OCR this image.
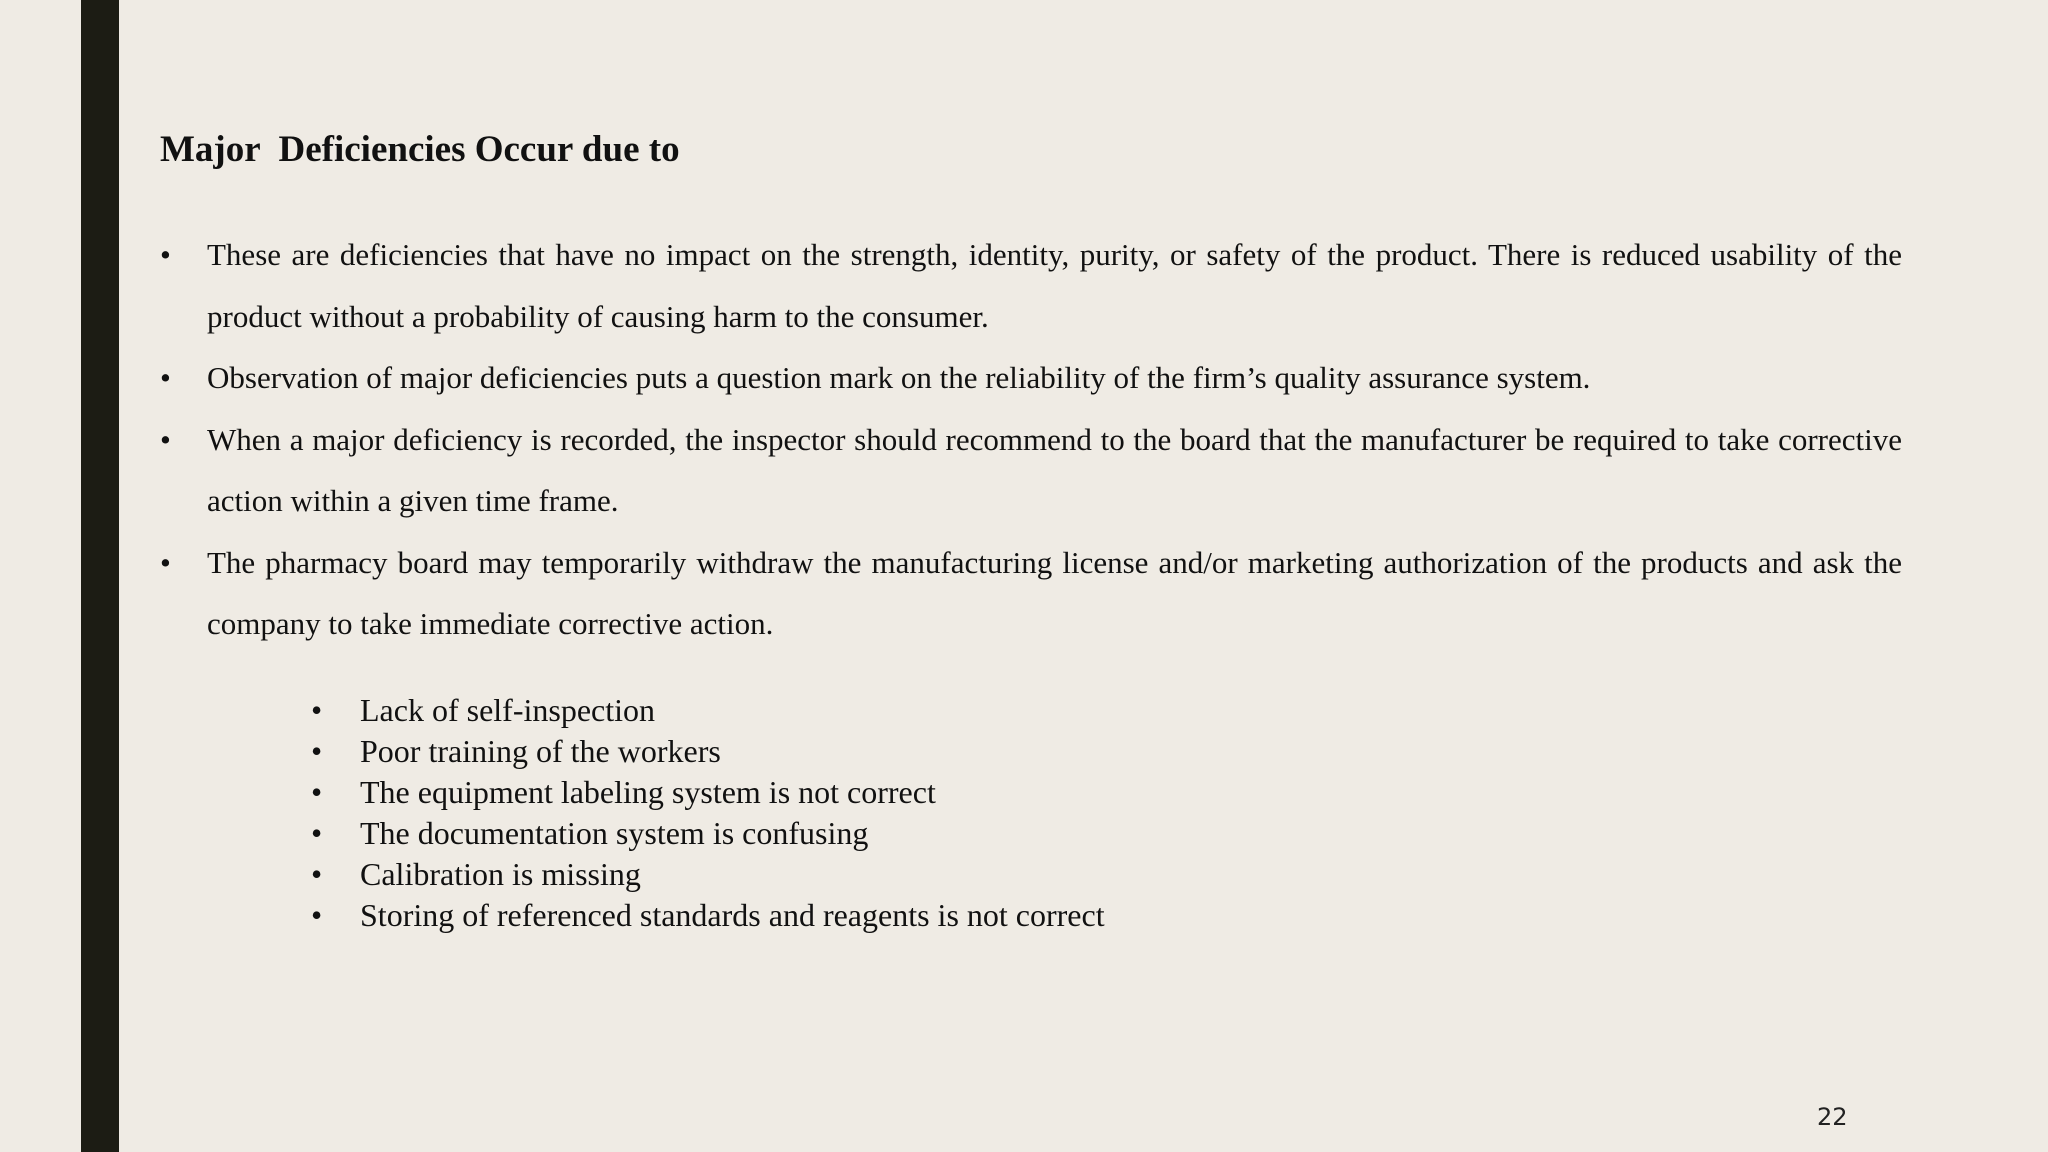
Major  Deficiencies Occur due to
• These are deficiencies that have no impact on the strength, identity, purity, or safety of the product. There is reduced usability of the product without a probability of causing harm to the consumer.
• Observation of major deficiencies puts a question mark on the reliability of the firm’s quality assurance system.
• When a major deficiency is recorded, the inspector should recommend to the board that the manufacturer be required to take corrective action within a given time frame.
• The pharmacy board may temporarily withdraw the manufacturing license and/or marketing authorization of the products and ask the company to take immediate corrective action.
• Lack of self-inspection
• Poor training of the workers
• The equipment labeling system is not correct
• The documentation system is confusing
• Calibration is missing
• Storing of referenced standards and reagents is not correct
22
